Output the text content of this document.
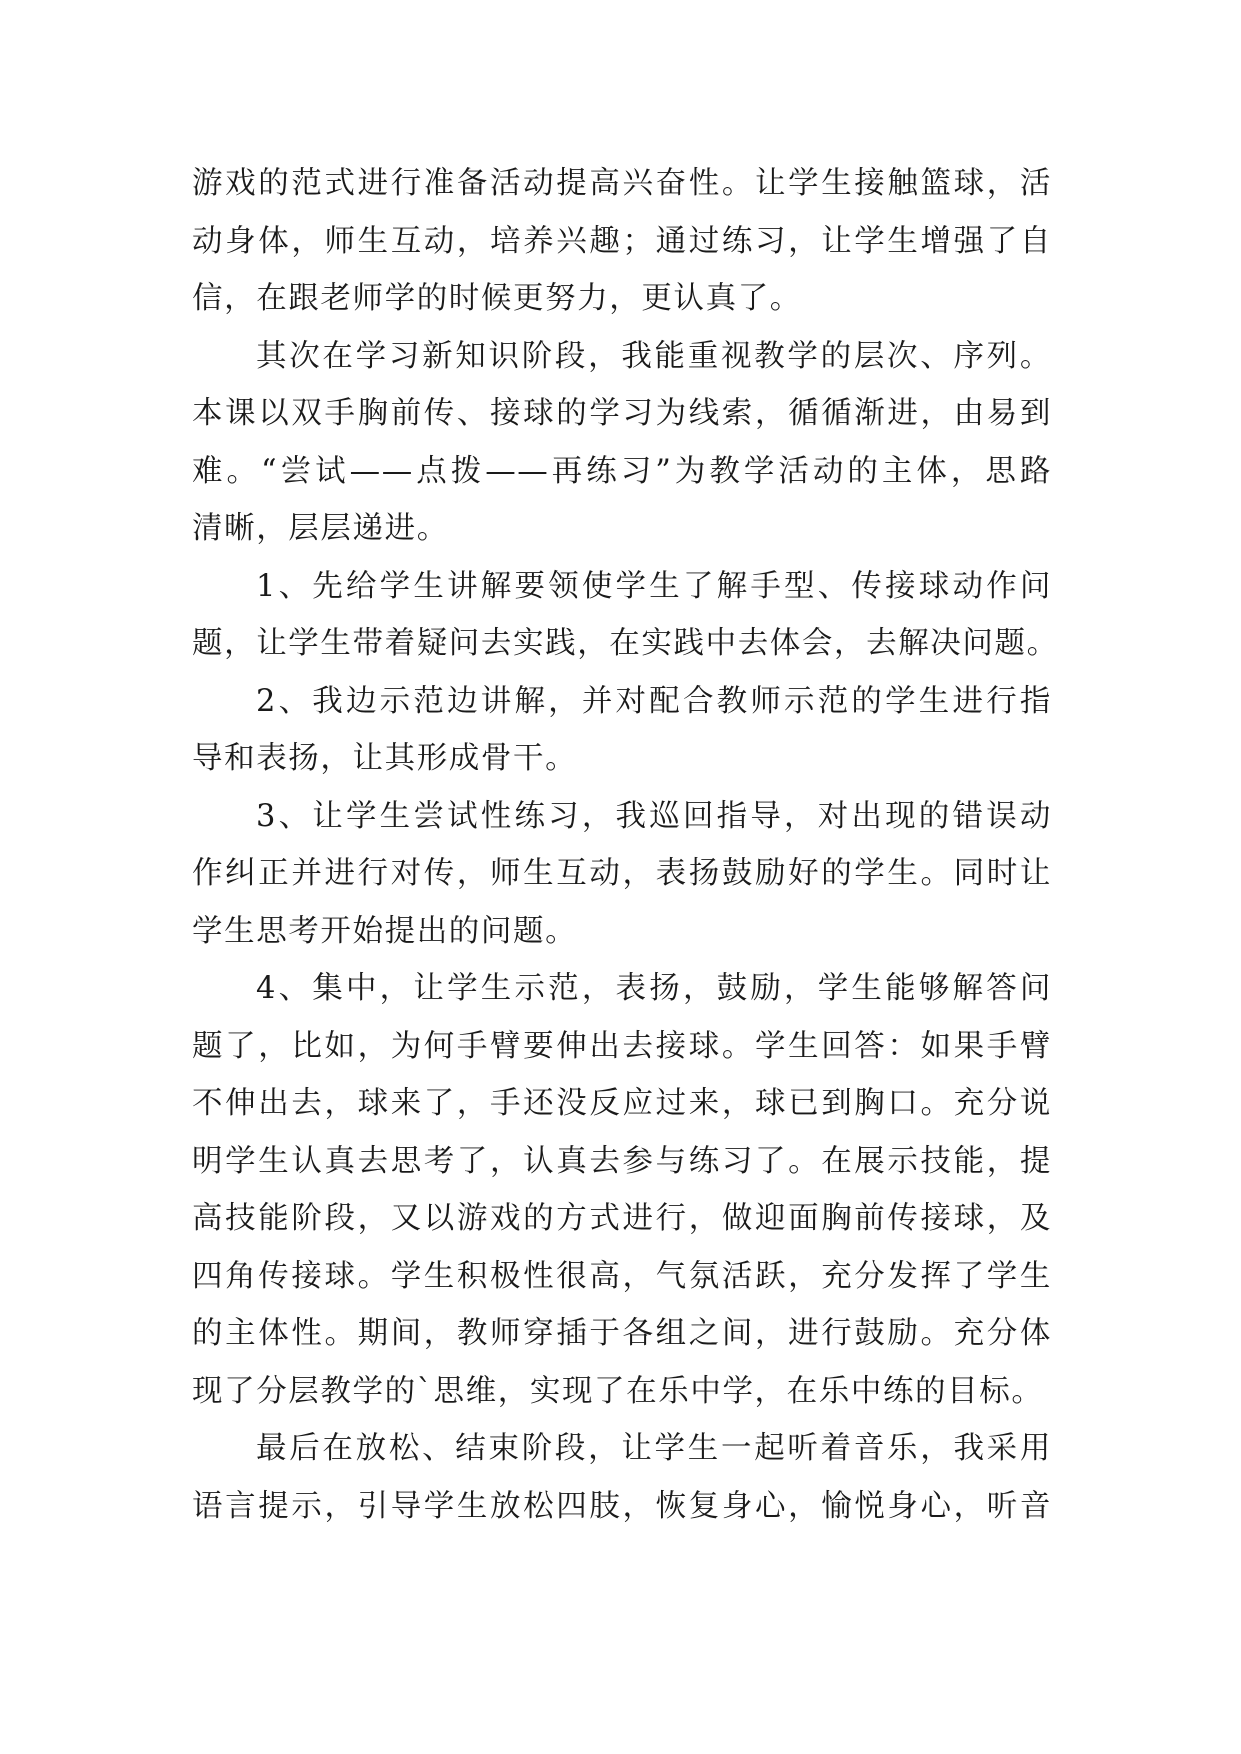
游戏的范式进行准备活动提高兴奋性。让学生接触篮球，活
动身体，师生互动，培养兴趣；通过练习，让学生增强了自
信，在跟老师学的时候更努力，更认真了。

其次在学习新知识阶段，我能重视教学的层次、序列。
本课以双手胸前传、接球的学习为线索，循循渐进，由易到
难。“尝试——点拨——再练习”为教学活动的主体，思路
清晰，层层递进。

1、先给学生讲解要领使学生了解手型、传接球动作问
题，让学生带着疑问去实践，在实践中去体会，去解决问题。

2、我边示范边讲解，并对配合教师示范的学生进行指
导和表扬，让其形成骨干。

3、让学生尝试性练习，我巡回指导，对出现的错误动
作纠正并进行对传，师生互动，表扬鼓励好的学生。同时让
学生思考开始提出的问题。

4、集中，让学生示范，表扬，鼓励，学生能够解答问
题了，比如，为何手臂要伸出去接球。学生回答：如果手臂
不伸出去，球来了，手还没反应过来，球已到胸口。充分说
明学生认真去思考了，认真去参与练习了。在展示技能，提
高技能阶段，又以游戏的方式进行，做迎面胸前传接球，及
四角传接球。学生积极性很高，气氛活跃，充分发挥了学生
的主体性。期间，教师穿插于各组之间，进行鼓励。充分体
现了分层教学的`思维，实现了在乐中学，在乐中练的目标。

最后在放松、结束阶段，让学生一起听着音乐，我采用
语言提示，引导学生放松四肢，恢复身心，愉悦身心，听音
